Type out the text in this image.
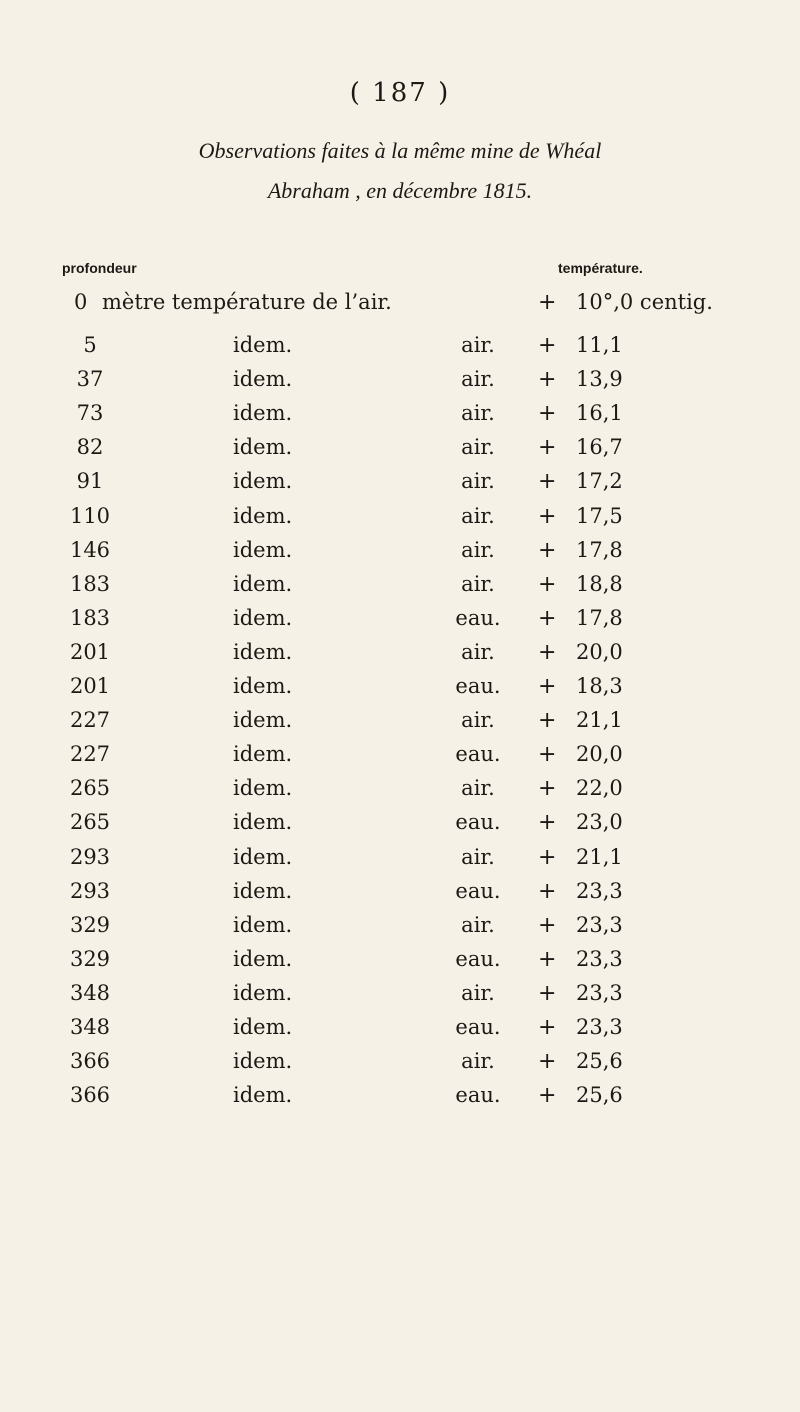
( 187 )
Observations faites à la même mine de Whéal
Abraham , en décembre 1815.
profondeur	température.
0 mètre température de l’air.	+ 10°,0 centig.
5	idem.	air.	+ 11,1
37	idem.	air.	+ 13,9
73	idem.	air.	+ 16,1
82	idem.	air.	+ 16,7
91	idem.	air.	+ 17,2
110	idem.	air.	+ 17,5
146	idem.	air.	+ 17,8
183	idem.	air.	+ 18,8
183	idem.	eau.	+ 17,8
201	idem.	air.	+ 20,0
201	idem.	eau.	+ 18,3
227	idem.	air.	+ 21,1
227	idem.	eau.	+ 20,0
265	idem.	air.	+ 22,0
265	idem.	eau.	+ 23,0
293	idem.	air.	+ 21,1
293	idem.	eau.	+ 23,3
329	idem.	air.	+ 23,3
329	idem.	eau.	+ 23,3
348	idem.	air.	+ 23,3
348	idem.	eau.	+ 23,3
366	idem.	air.	+ 25,6
366	idem.	eau.	+ 25,6
